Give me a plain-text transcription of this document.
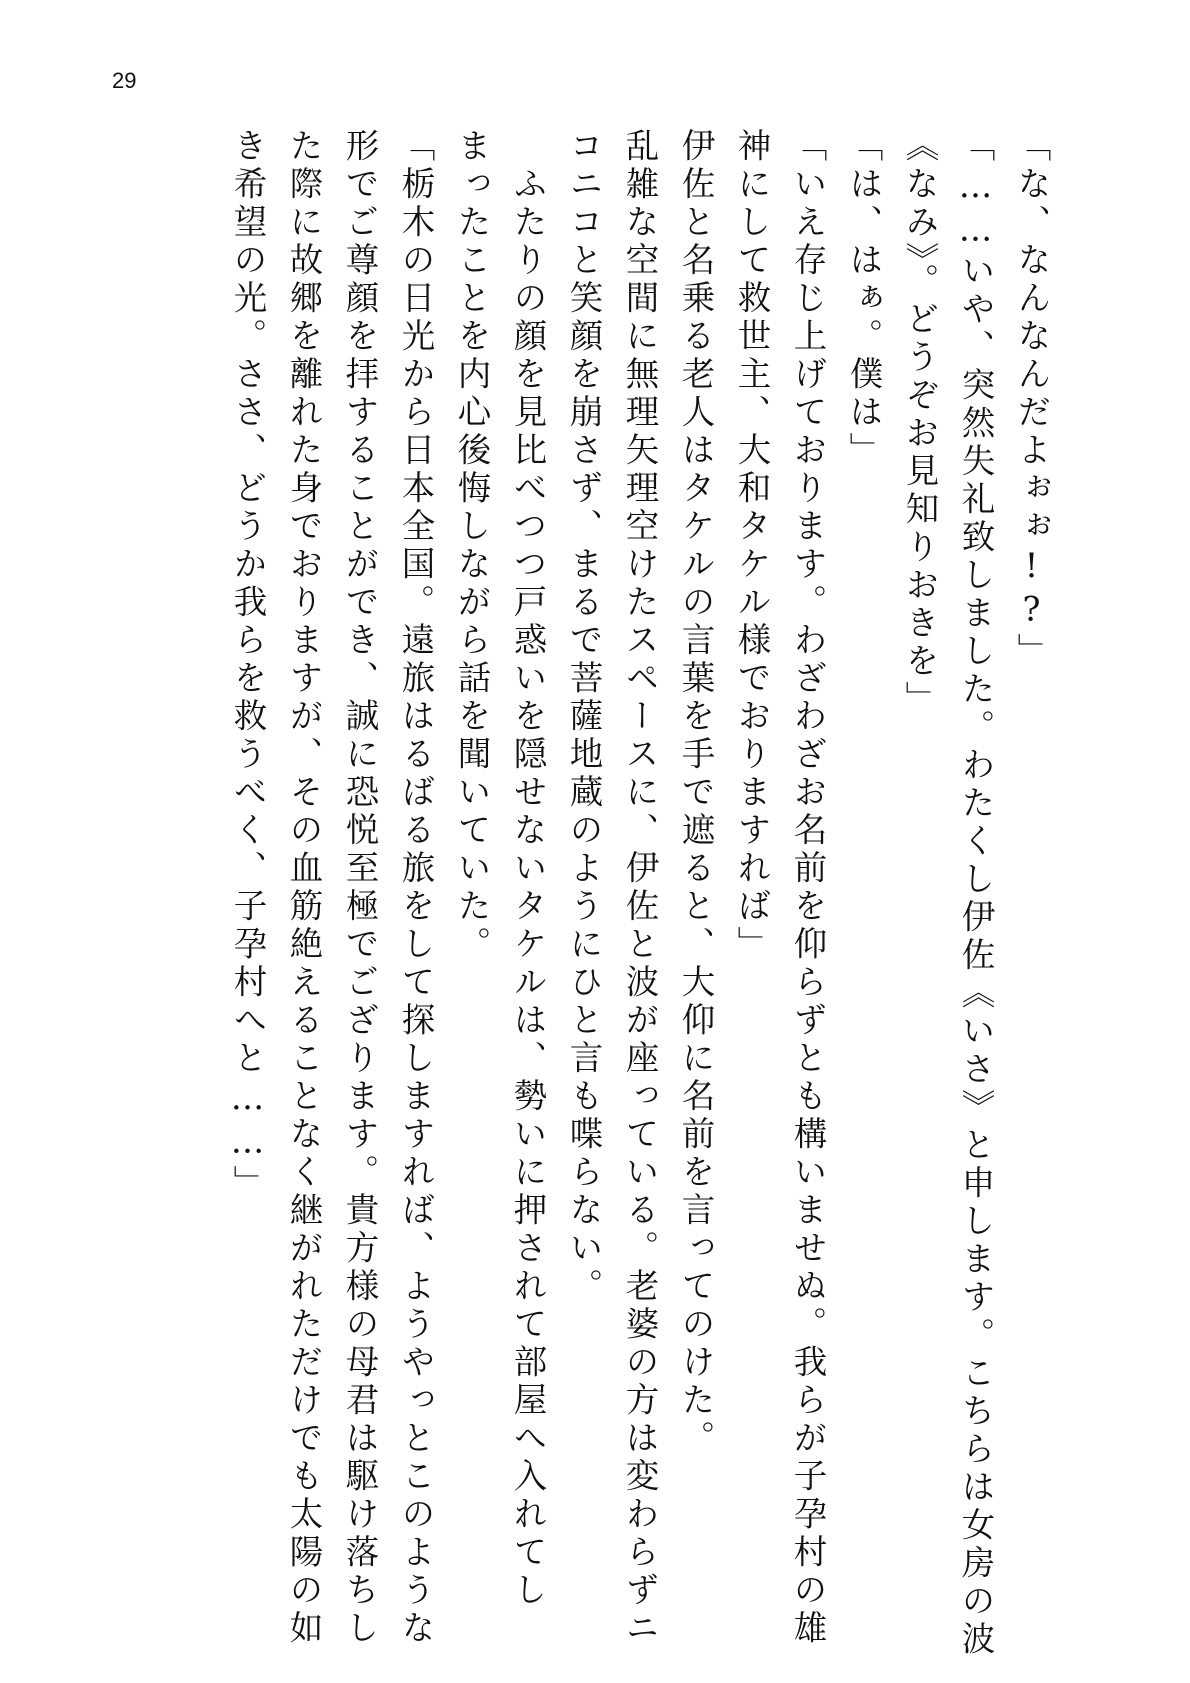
29
「な、なんなんだよぉぉ!?」
「……いや、突然失礼致しました。わたくし伊佐《いさ》と申します。こちらは女房の波
《なみ》。どうぞお見知りおきを」
「は、はぁ。僕は」
「いえ存じ上げております。わざわざお名前を仰らずとも構いませぬ。我らが子孕村の雄
神にして救世主、大和タケル様でおりますれば」
伊佐と名乗る老人はタケルの言葉を手で遮ると、大仰に名前を言ってのけた。
乱雑な空間に無理矢理空けたスペースに、伊佐と波が座っている。老婆の方は変わらずニ
コニコと笑顔を崩さず、まるで菩薩地蔵のようにひと言も喋らない。
　ふたりの顔を見比べつつ戸惑いを隠せないタケルは、勢いに押されて部屋へ入れてし
まったことを内心後悔しながら話を聞いていた。
「栃木の日光から日本全国。遠旅はるばる旅をして探しますれば、ようやっとこのような
形でご尊顔を拝することができ、誠に恐悦至極でござります。貴方様の母君は駆け落ちし
た際に故郷を離れた身でおりますが、その血筋絶えることなく継がれただけでも太陽の如
き希望の光。ささ、どうか我らを救うべく、子孕村へと……」
